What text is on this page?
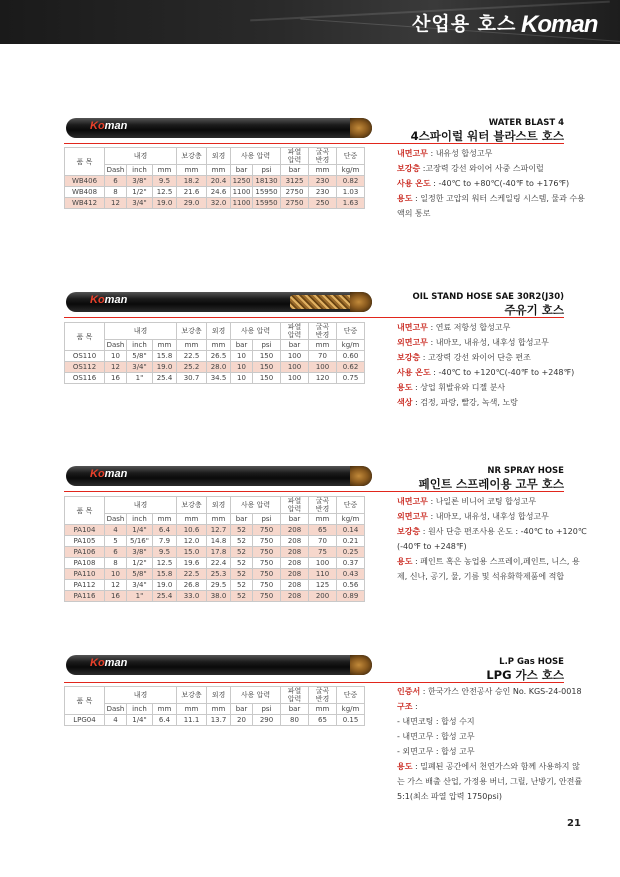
산업용 호스 Koman
Koman	WATER BLAST 4
4스파이럴 워터 블라스트 호스
품 목	내경			보강층	외경	사용 압력		파열
압력	굴곡
반경	단중
	Dash	inch	mm	mm	mm	bar	psi	bar	mm	kg/m
WB406	6	3/8"	9.5	18.2	20.4	1250	18130	3125	230	0.82
WB408	8	1/2"	12.5	21.6	24.6	1100	15950	2750	230	1.03
WB412	12	3/4"	19.0	29.0	32.0	1100	15950	2750	250	1.63
내면고무 : 내유성 합성고무
보강층 :고장력 강선 와이어 사중 스파이럴
사용 온도 : -40℃ to +80℃(-40℉ to +176℉)
용도 : 일정한 고압의 워터 스케일링 시스템, 물과 수용액의 통로
Koman	OIL STAND HOSE SAE 30R2(J30)
주유기 호스
품 목	내경			보강층	외경	사용 압력		파열
압력	굴곡
반경	단중
	Dash	inch	mm	mm	mm	bar	psi	bar	mm	kg/m
OS110	10	5/8"	15.8	22.5	26.5	10	150	100	70	0.60
OS112	12	3/4"	19.0	25.2	28.0	10	150	100	100	0.62
OS116	16	1"	25.4	30.7	34.5	10	150	100	120	0.75
내면고무 : 연료 저항성 합성고무
외면고무 : 내마모, 내유성, 내후성 합성고무
보강층 : 고장력 강선 와이어 단층 편조
사용 온도 : -40℃ to +120℃(-40℉ to +248℉)
용도 : 상업 휘발유와 디젤 분사
색상 : 검정, 파랑, 빨강, 녹색, 노랑
Koman	NR SPRAY HOSE
페인트 스프레이용 고무 호스
품 목	내경			보강층	외경	사용 압력		파열
압력	굴곡
반경	단중
	Dash	inch	mm	mm	mm	bar	psi	bar	mm	kg/m
PA104	4	1/4"	6.4	10.6	12.7	52	750	208	65	0.14
PA105	5	5/16"	7.9	12.0	14.8	52	750	208	70	0.21
PA106	6	3/8"	9.5	15.0	17.8	52	750	208	75	0.25
PA108	8	1/2"	12.5	19.6	22.4	52	750	208	100	0.37
PA110	10	5/8"	15.8	22.5	25.3	52	750	208	110	0.43
PA112	12	3/4"	19.0	26.8	29.5	52	750	208	125	0.56
PA116	16	1"	25.4	33.0	38.0	52	750	208	200	0.89
내면고무 : 나일론 비니어 코팅 합성고무
외면고무 : 내마모, 내유성, 내후성 합성고무
보강층 : 원사 단층 편조사용 온도 : -40℃ to +120℃(-40℉ to +248℉)
용도 : 페인트 혹은 농업용 스프레이,페인트, 니스, 용제, 신나, 공기, 물, 기름 및 석유화학제품에 적합
Koman	L.P Gas HOSE
LPG 가스 호스
품 목	내경			보강층	외경	사용 압력		파열
압력	굴곡
반경	단중
	Dash	inch	mm	mm	mm	bar	psi	bar	mm	kg/m
LPG04	4	1/4"	6.4	11.1	13.7	20	290	80	65	0.15
인증서 : 한국가스 안전공사 승인 No. KGS-24-0018
구조 :
- 내면코팅 : 합성 수지
- 내면고무 : 합성 고무
- 외면고무 : 합성 고무
용도 : 밀폐된 공간에서 천연가스와 함께 사용하지 않는 가스 배출 산업, 가정용 버너, 그릴, 난방기, 안전률 5:1(최소 파열 압력 1750psi)
21
